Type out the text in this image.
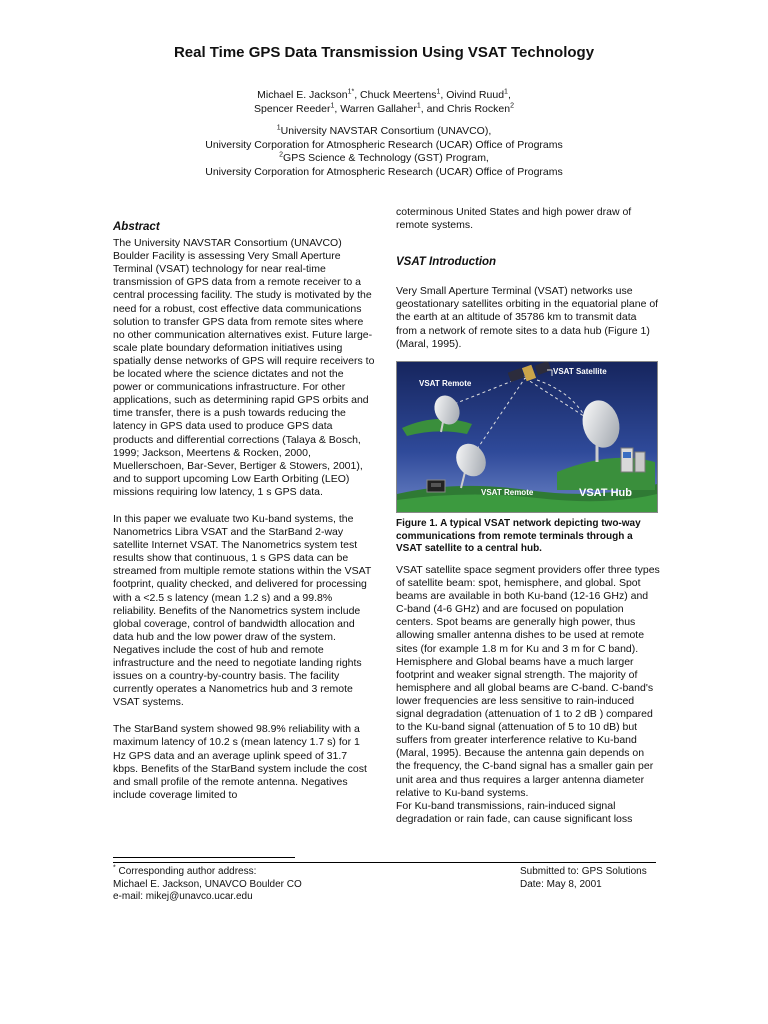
Real Time GPS Data Transmission Using VSAT Technology
Michael E. Jackson$^{1*}$, Chuck Meertens$^1$, Oivind Ruud$^1$,
Spencer Reeder$^1$, Warren Gallaher$^1$, and Chris Rocken$^2$
$^1$University NAVSTAR Consortium (UNAVCO),
University Corporation for Atmospheric Research (UCAR) Office of Programs
$^2$GPS Science & Technology (GST) Program,
University Corporation for Atmospheric Research (UCAR) Office of Programs

Abstract

The University NAVSTAR Consortium (UNAVCO) Boulder Facility is assessing Very Small Aperture Terminal (VSAT) technology for near real-time transmission of GPS data from a remote receiver to a central processing facility. The study is motivated by the need for a robust, cost effective data communications solution to transfer GPS data from remote sites where no other communication alternatives exist. Future large-scale plate boundary deformation initiatives using spatially dense networks of GPS will require receivers to be located where the science dictates and not the power or communications infrastructure. For other applications, such as determining rapid GPS orbits and time transfer, there is a push towards reducing the latency in GPS data used to produce GPS data products and differential corrections (Talaya & Bosch, 1999; Jackson, Meertens & Rocken, 2000, Muellerschoen, Bar-Sever, Bertiger & Stowers, 2001), and to support upcoming Low Earth Orbiting (LEO) missions requiring low latency, 1 s GPS data.

In this paper we evaluate two Ku-band systems, the Nanometrics Libra VSAT and the StarBand 2-way satellite Internet VSAT. The Nanometrics system test results show that continuous, 1 s GPS data can be streamed from multiple remote stations within the VSAT footprint, quality checked, and delivered for processing with a <2.5 s latency (mean 1.2 s) and a 99.8% reliability. Benefits of the Nanometrics system include global coverage, control of bandwidth allocation and data hub and the low power draw of the system. Negatives include the cost of hub and remote infrastructure and the need to negotiate landing rights issues on a country-by-country basis. The facility currently operates a Nanometrics hub and 3 remote VSAT systems.

The StarBand system showed 98.9% reliability with a maximum latency of 10.2 s (mean latency 1.7 s) for 1 Hz GPS data and an average uplink speed of 31.7 kbps. Benefits of the StarBand system include the cost and small profile of the remote antenna. Negatives include coverage limited to

coterminous United States and high power draw of remote systems.

VSAT Introduction

Very Small Aperture Terminal (VSAT) networks use geostationary satellites orbiting in the equatorial plane of the earth at an altitude of 35786 km to transmit data from a network of remote sites to a data hub (Figure 1) (Maral, 1995).

VSAT Remote
VSAT Satellite
VSAT Remote	VSAT Hub
Figure 1. A typical VSAT network depicting two-way communications from remote terminals through a VSAT satellite to a central hub.

VSAT satellite space segment providers offer three types of satellite beam: spot, hemisphere, and global. Spot beams are available in both Ku-band (12-16 GHz) and C-band (4-6 GHz) and are focused on population centers. Spot beams are generally high power, thus allowing smaller antenna dishes to be used at remote sites (for example 1.8 m for Ku and 3 m for C band). Hemisphere and Global beams have a much larger footprint and weaker signal strength. The majority of hemisphere and all global beams are C-band. C-band's lower frequencies are less sensitive to rain-induced signal degradation (attenuation of 1 to 2 dB ) compared to the Ku-band signal (attenuation of 5 to 10 dB) but suffers from greater interference relative to Ku-band (Maral, 1995). Because the antenna gain depends on the frequency, the C-band signal has a smaller gain per unit area and thus requires a larger antenna diameter relative to Ku-band systems.

For Ku-band transmissions, rain-induced signal degradation or rain fade, can cause significant loss

* Corresponding author address:
Michael E. Jackson, UNAVCO Boulder CO
e-mail: mikej@unavco.ucar.edu
Submitted to: GPS Solutions
Date: May 8, 2001
